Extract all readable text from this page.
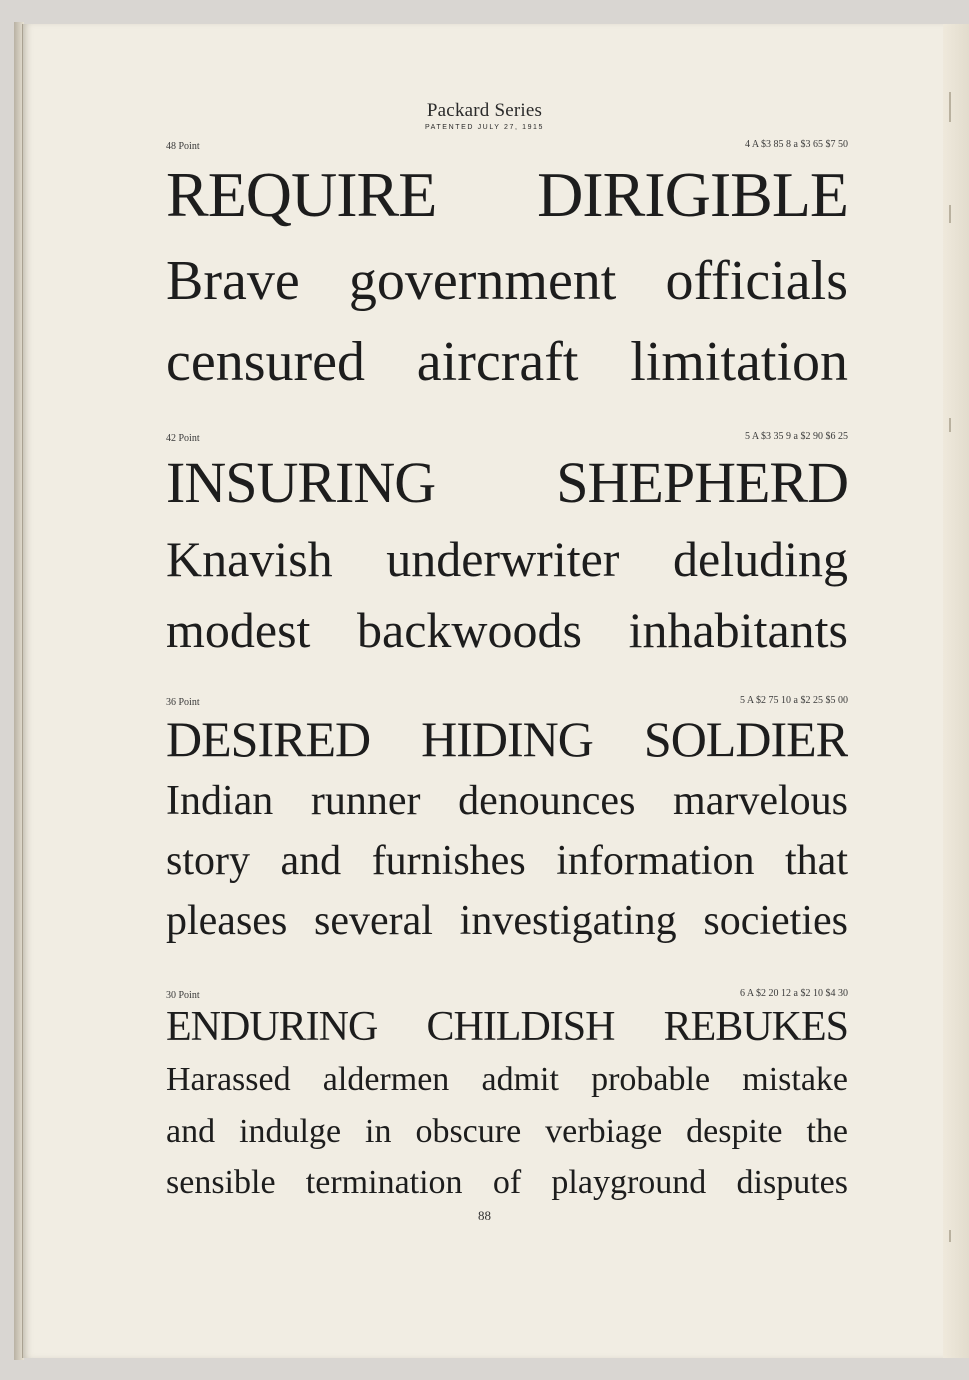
Packard Series
PATENTED JULY 27, 1915
48 Point	4 A $3 85 8 a $3 65 $7 50
REQUIRE DIRIGIBLE
Brave government officials
censured aircraft limitation
42 Point	5 A $3 35 9 a $2 90 $6 25
INSURING SHEPHERD
Knavish underwriter deluding
modest backwoods inhabitants
36 Point	5 A $2 75 10 a $2 25 $5 00
DESIRED HIDING SOLDIER
Indian runner denounces marvelous
story and furnishes information that
pleases several investigating societies
30 Point	6 A $2 20 12 a $2 10 $4 30
ENDURING CHILDISH REBUKES
Harassed aldermen admit probable mistake
and indulge in obscure verbiage despite the
sensible termination of playground disputes
88
